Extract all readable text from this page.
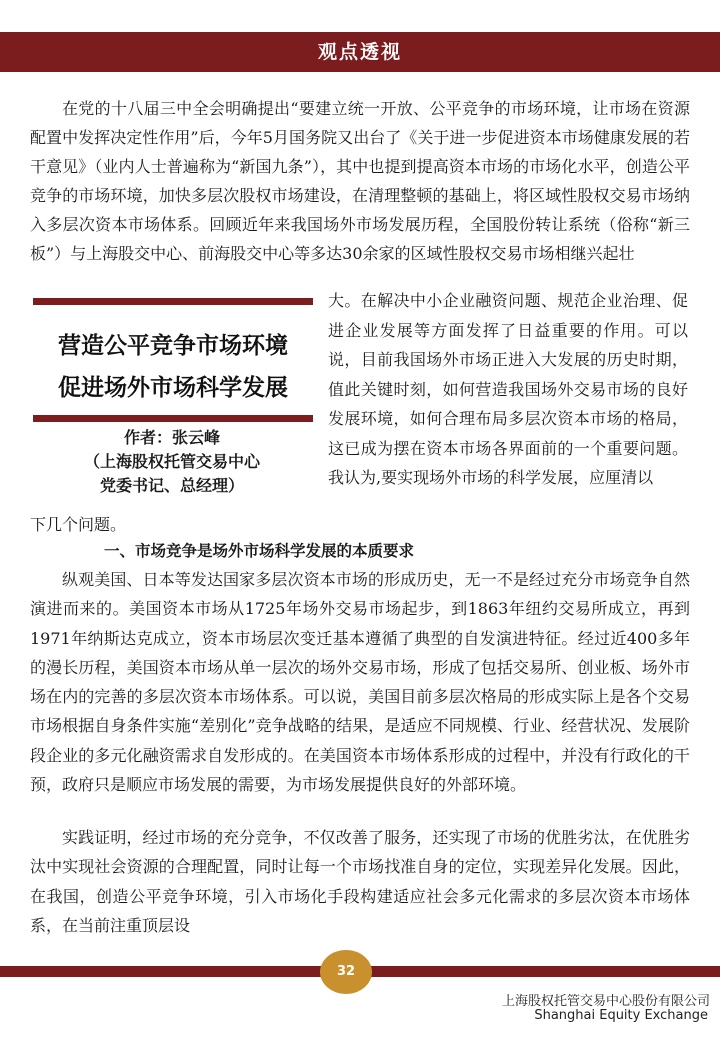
观点透视

在党的十八届三中全会明确提出“要建立统一开放、公平竞争的市场环境，让市场在资源配置中发挥决定性作用”后，今年5月国务院又出台了《关于进一步促进资本市场健康发展的若干意见》（业内人士普遍称为“新国九条”），其中也提到提高资本市场的市场化水平，创造公平竞争的市场环境，加快多层次股权市场建设，在清理整顿的基础上，将区域性股权交易市场纳入多层次资本市场体系。回顾近年来我国场外市场发展历程，全国股份转让系统（俗称“新三板”）与上海股交中心、前海股交中心等多达30余家的区域性股权交易市场相继兴起壮

营造公平竞争市场环境
促进场外市场科学发展
作者：张云峰
（上海股权托管交易中心
党委书记、总经理）

大。在解决中小企业融资问题、规范企业治理、促进企业发展等方面发挥了日益重要的作用。可以说，目前我国场外市场正进入大发展的历史时期，值此关键时刻，如何营造我国场外交易市场的良好发展环境，如何合理布局多层次资本市场的格局，这已成为摆在资本市场各界面前的一个重要问题。我认为,要实现场外市场的科学发展，应厘清以

下几个问题。

一、市场竞争是场外市场科学发展的本质要求

纵观美国、日本等发达国家多层次资本市场的形成历史，无一不是经过充分市场竞争自然演进而来的。美国资本市场从1725年场外交易市场起步，到1863年纽约交易所成立，再到1971年纳斯达克成立，资本市场层次变迁基本遵循了典型的自发演进特征。经过近400多年的漫长历程，美国资本市场从单一层次的场外交易市场，形成了包括交易所、创业板、场外市场在内的完善的多层次资本市场体系。可以说，美国目前多层次格局的形成实际上是各个交易市场根据自身条件实施“差别化”竞争战略的结果，是适应不同规模、行业、经营状况、发展阶段企业的多元化融资需求自发形成的。在美国资本市场体系形成的过程中，并没有行政化的干预，政府只是顺应市场发展的需要，为市场发展提供良好的外部环境。

实践证明，经过市场的充分竞争，不仅改善了服务，还实现了市场的优胜劣汰，在优胜劣汰中实现社会资源的合理配置，同时让每一个市场找准自身的定位，实现差异化发展。因此，在我国，创造公平竞争环境，引入市场化手段构建适应社会多元化需求的多层次资本市场体系，在当前注重顶层设

32
上海股权托管交易中心股份有限公司
Shanghai Equity Exchange
